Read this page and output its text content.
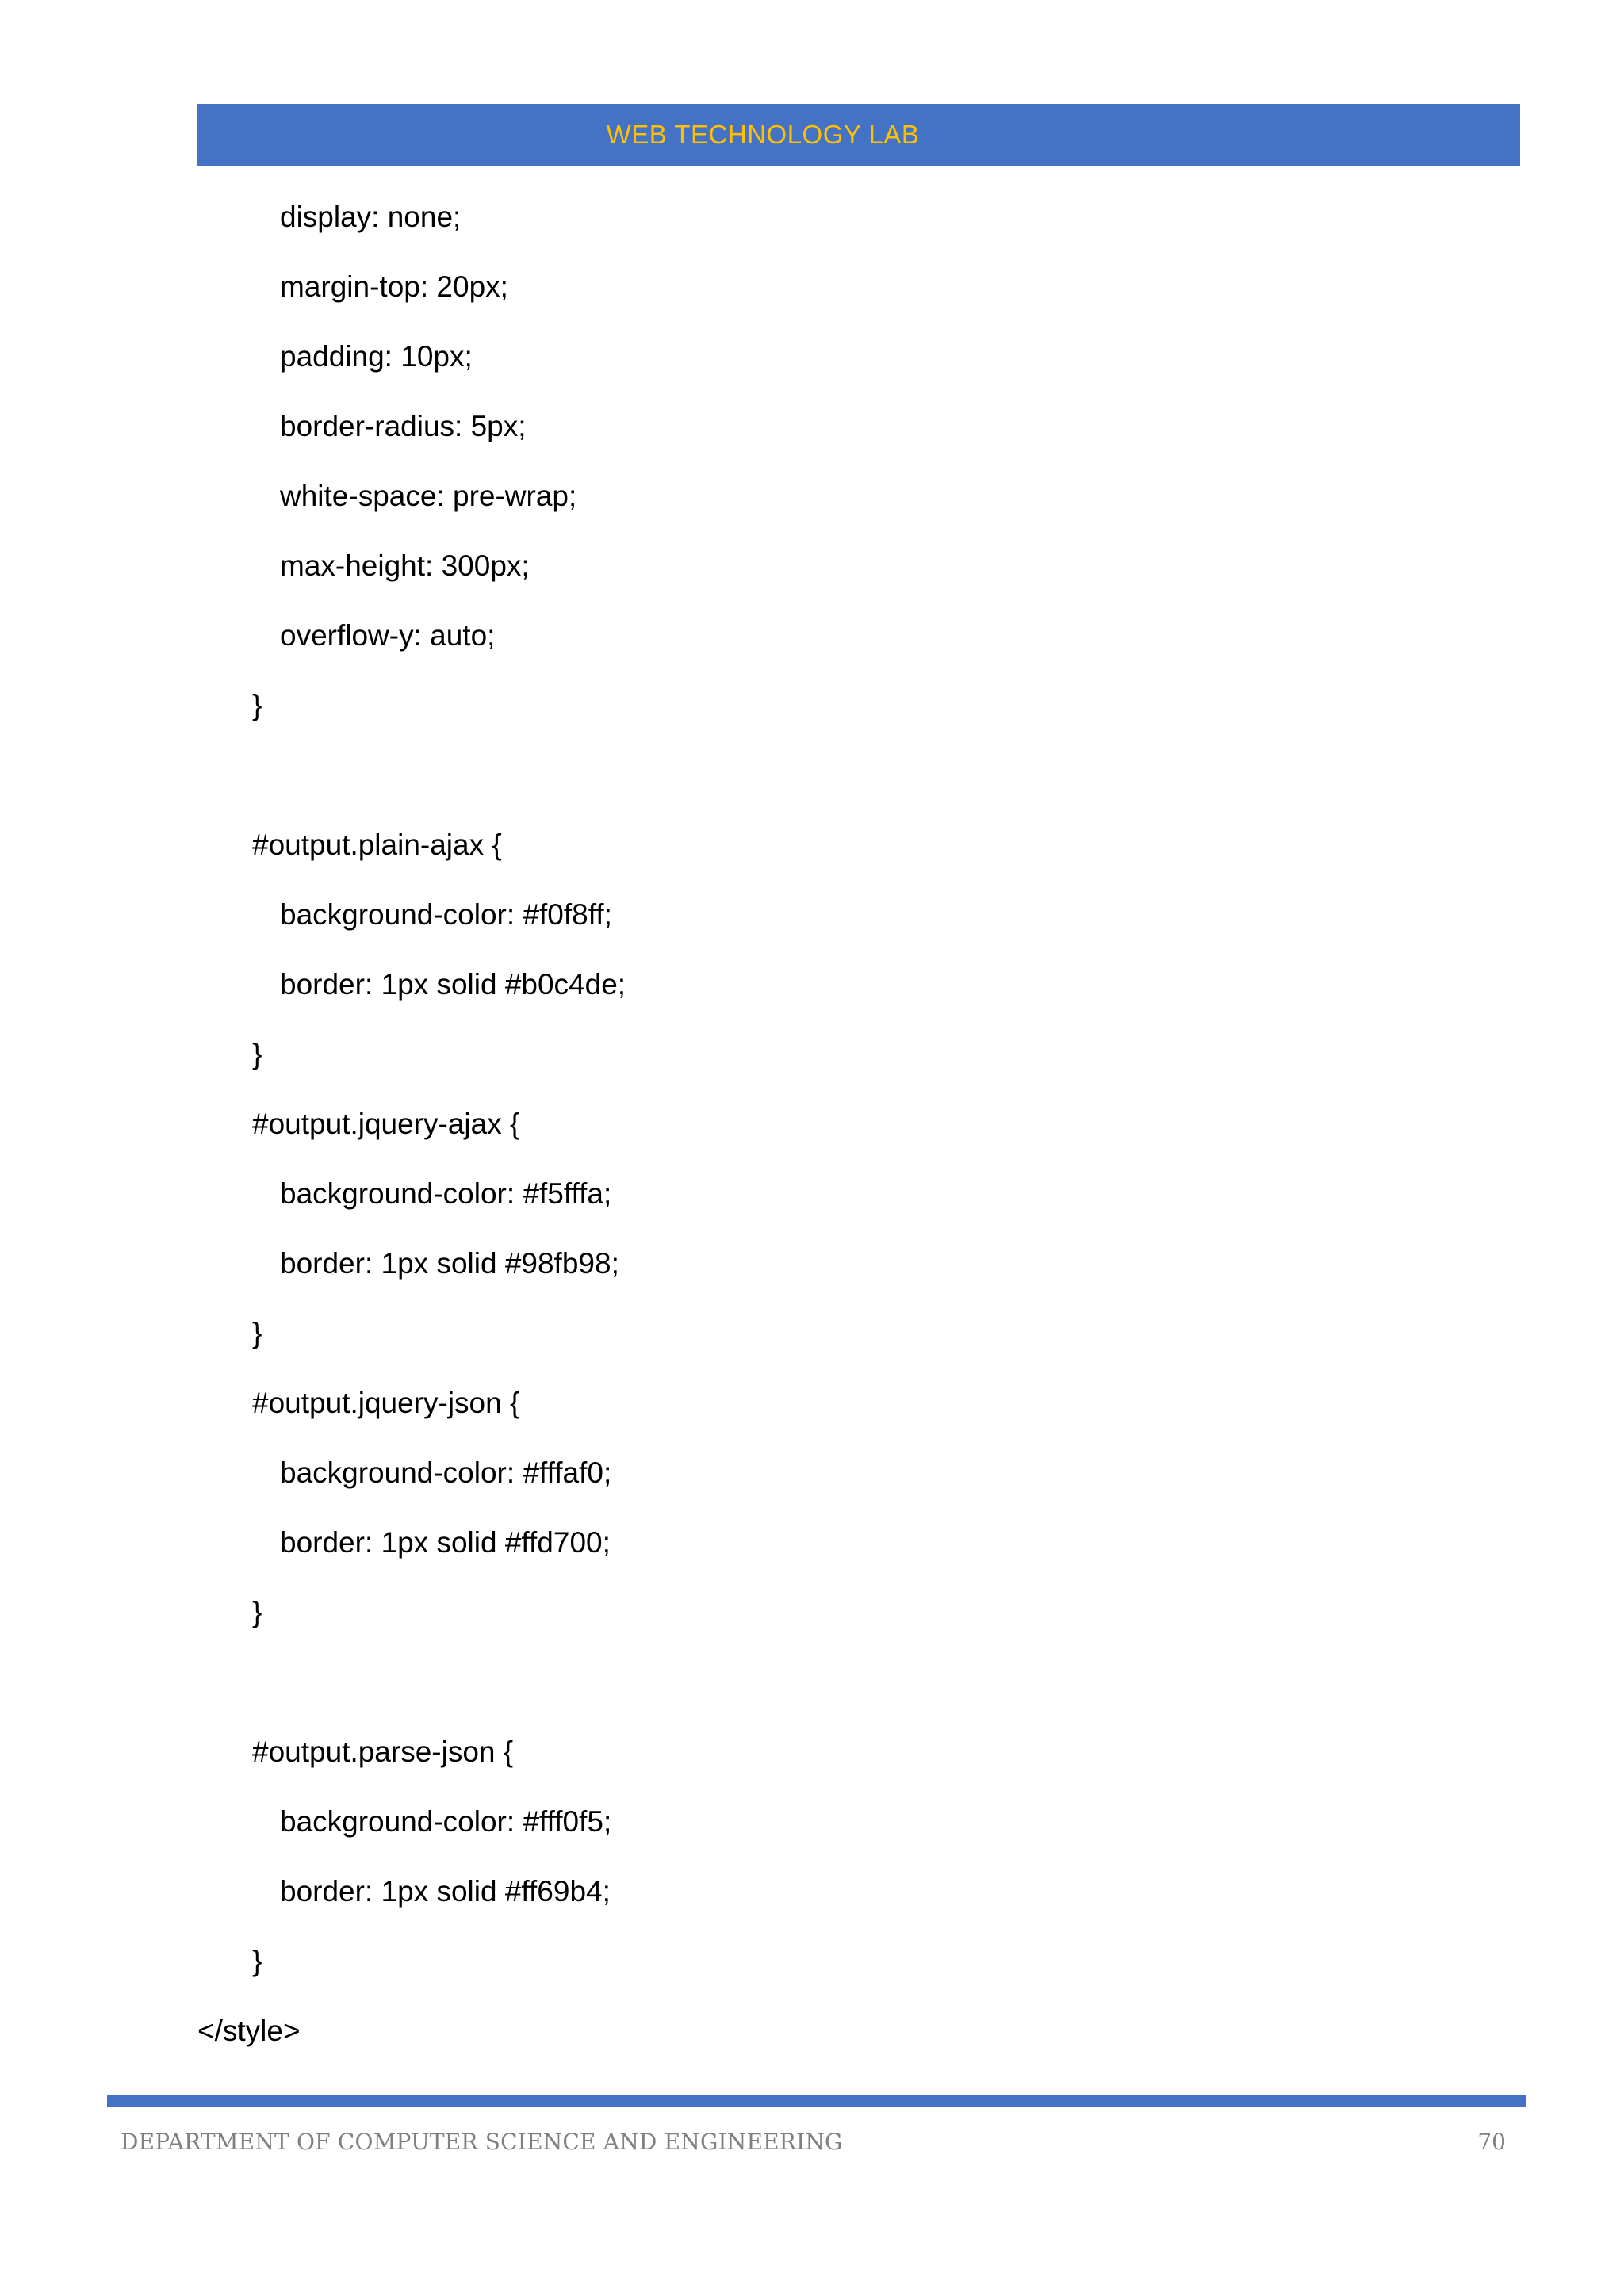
WEB TECHNOLOGY LAB
display: none;
margin-top: 20px;
padding: 10px;
border-radius: 5px;
white-space: pre-wrap;
max-height: 300px;
overflow-y: auto;
}
#output.plain-ajax {
background-color: #f0f8ff;
border: 1px solid #b0c4de;
}
#output.jquery-ajax {
background-color: #f5fffa;
border: 1px solid #98fb98;
}
#output.jquery-json {
background-color: #fffaf0;
border: 1px solid #ffd700;
}
#output.parse-json {
background-color: #fff0f5;
border: 1px solid #ff69b4;
}
</style>
DEPARTMENT OF COMPUTER SCIENCE AND ENGINEERING	70
